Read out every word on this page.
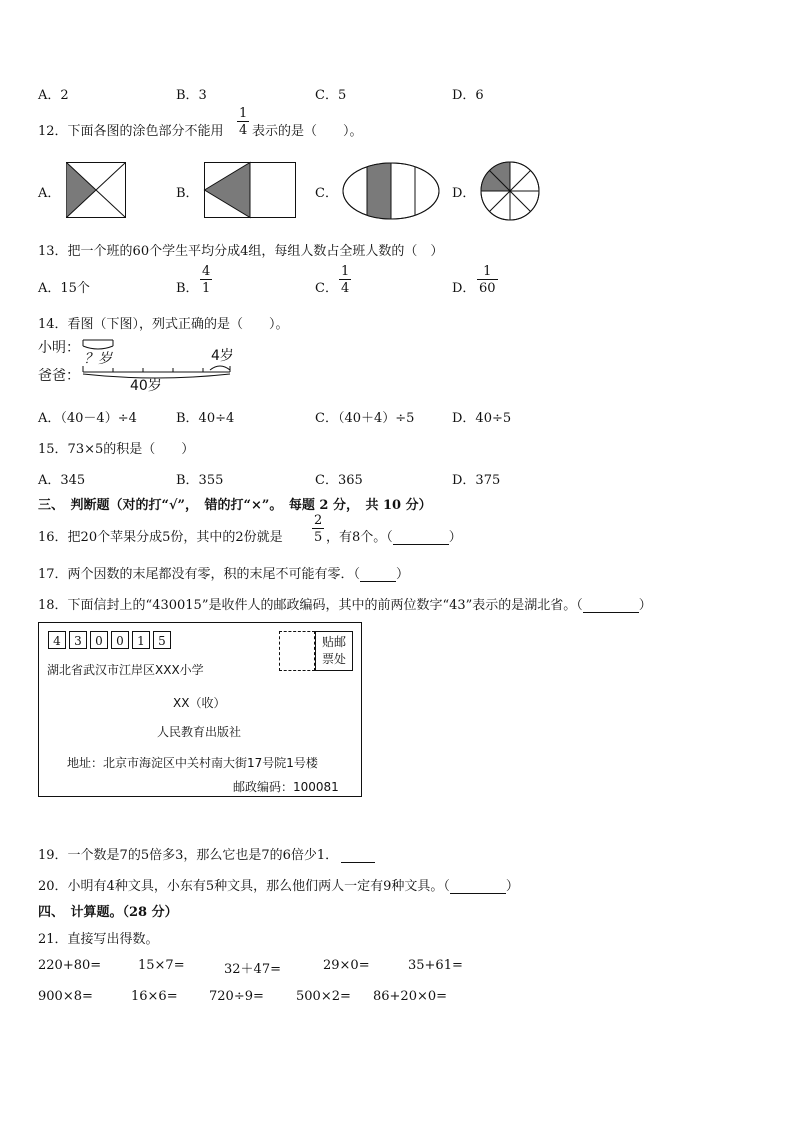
A．2	B．3	C．5	D．6
12．下面各图的涂色部分不能用 $\frac{1}{4}$ 表示的是（　　）。
A．	B．	C．	D．
13．把一个班的60个学生平均分成4组，每组人数占全班人数的（　）
A．15个	B． $\frac{4}{1}$	C． $\frac{1}{4}$	D． $\frac{1}{60}$
14．看图（下图），列式正确的是（　　）。
小明：
爸爸：
？岁	4岁
40岁
A．（40－4）÷4	B．40÷4	C．（40＋4）÷5	D．40÷5
15．73×5的积是（　　）
A．345	B．355	C．365	D．375
三、　判断题（对的打“√”，　错的打“×”。　每题 2 分，　共 10 分）
16．把20个苹果分成5份，其中的2份就是 $\frac{2}{5}$ ，有8个。（	）
17．两个因数的末尾都没有零，积的末尾不可能有零．（	）
18．下面信封上的“430015”是收件人的邮政编码，其中的前两位数字“43”表示的是湖北省。（	）
4	3	0	0	1	5	贴邮票处
湖北省武汉市江岸区XXX小学
XX（收）
人民教育出版社
地址：北京市海淀区中关村南大街17号院1号楼
邮政编码：100081
19．一个数是7的5倍多3，那么它也是7的6倍少1．
20．小明有4种文具，小东有5种文具，那么他们两人一定有9种文具。（	）
四、　计算题。（28 分）
21．直接写出得数。
220+80=	15×7=	32＋47=	29×0=	35+61=
900×8=	16×6= 720÷9= 500×2= 86+20×0=
